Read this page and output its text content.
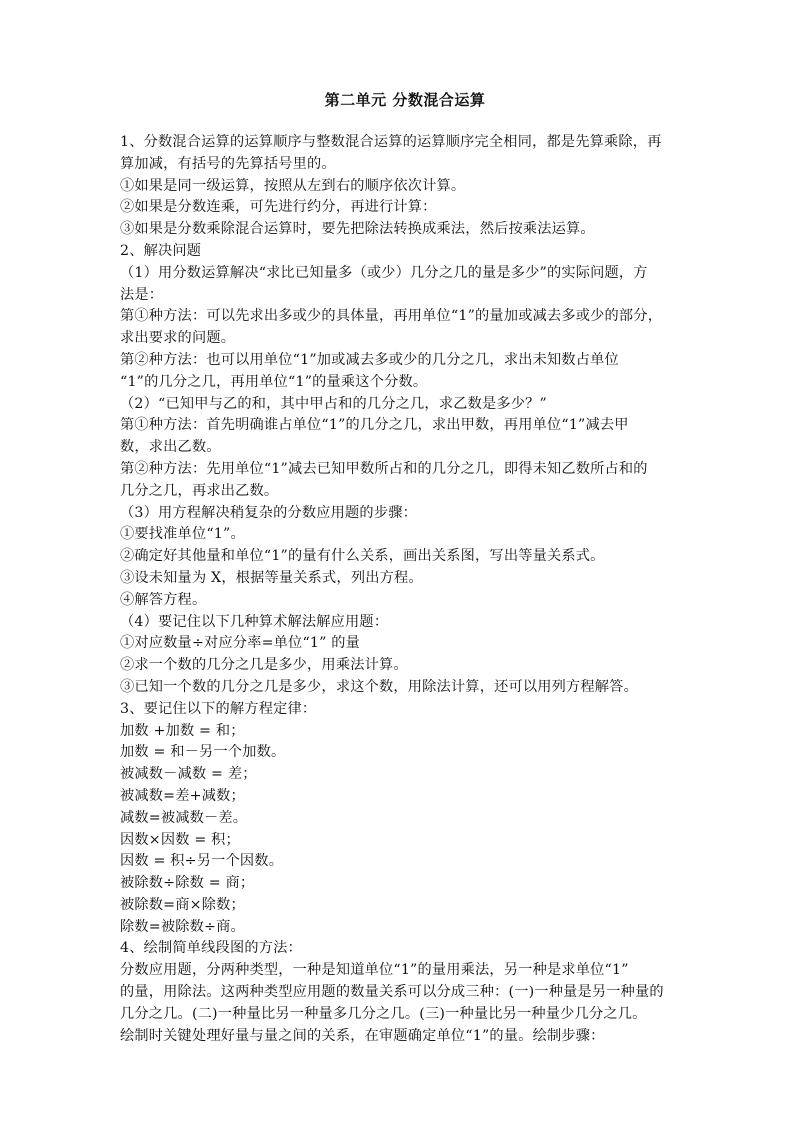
第二单元 分数混合运算

1、分数混合运算的运算顺序与整数混合运算的运算顺序完全相同，都是先算乘除，再

算加减，有括号的先算括号里的。

①如果是同一级运算，按照从左到右的顺序依次计算。

②如果是分数连乘，可先进行约分，再进行计算：

③如果是分数乘除混合运算时，要先把除法转换成乘法，然后按乘法运算。

2、解决问题

（1）用分数运算解决“求比已知量多（或少）几分之几的量是多少”的实际问题，方

法是：

第①种方法：可以先求出多或少的具体量，再用单位“1”的量加或减去多或少的部分，

求出要求的问题。

第②种方法：也可以用单位“1”加或减去多或少的几分之几，求出未知数占单位

“1”的几分之几，再用单位“1”的量乘这个分数。

（2）“已知甲与乙的和，其中甲占和的几分之几，求乙数是多少？”

第①种方法：首先明确谁占单位“1”的几分之几，求出甲数，再用单位“1”减去甲

数，求出乙数。

第②种方法：先用单位“1”减去已知甲数所占和的几分之几，即得未知乙数所占和的

几分之几，再求出乙数。

（3）用方程解决稍复杂的分数应用题的步骤：

①要找准单位“1”。

②确定好其他量和单位“1”的量有什么关系，画出关系图，写出等量关系式。

③设未知量为 X，根据等量关系式，列出方程。

④解答方程。

（4）要记住以下几种算术解法解应用题：

①对应数量÷对应分率=单位“1” 的量

②求一个数的几分之几是多少，用乘法计算。

③已知一个数的几分之几是多少，求这个数，用除法计算，还可以用列方程解答。

3、要记住以下的解方程定律：

加数 +加数 = 和；

加数 = 和－另一个加数。

被减数－减数 = 差；

被减数=差+减数；

减数=被减数－差。

因数×因数 = 积；

因数 = 积÷另一个因数。

被除数÷除数 = 商；

被除数=商×除数；

除数=被除数÷商。

4、绘制简单线段图的方法：

分数应用题，分两种类型，一种是知道单位“1”的量用乘法，另一种是求单位“1”

的量，用除法。这两种类型应用题的数量关系可以分成三种：(一)一种量是另一种量的

几分之几。(二)一种量比另一种量多几分之几。(三)一种量比另一种量少几分之几。

绘制时关键处理好量与量之间的关系，在审题确定单位“1”的量。绘制步骤：
